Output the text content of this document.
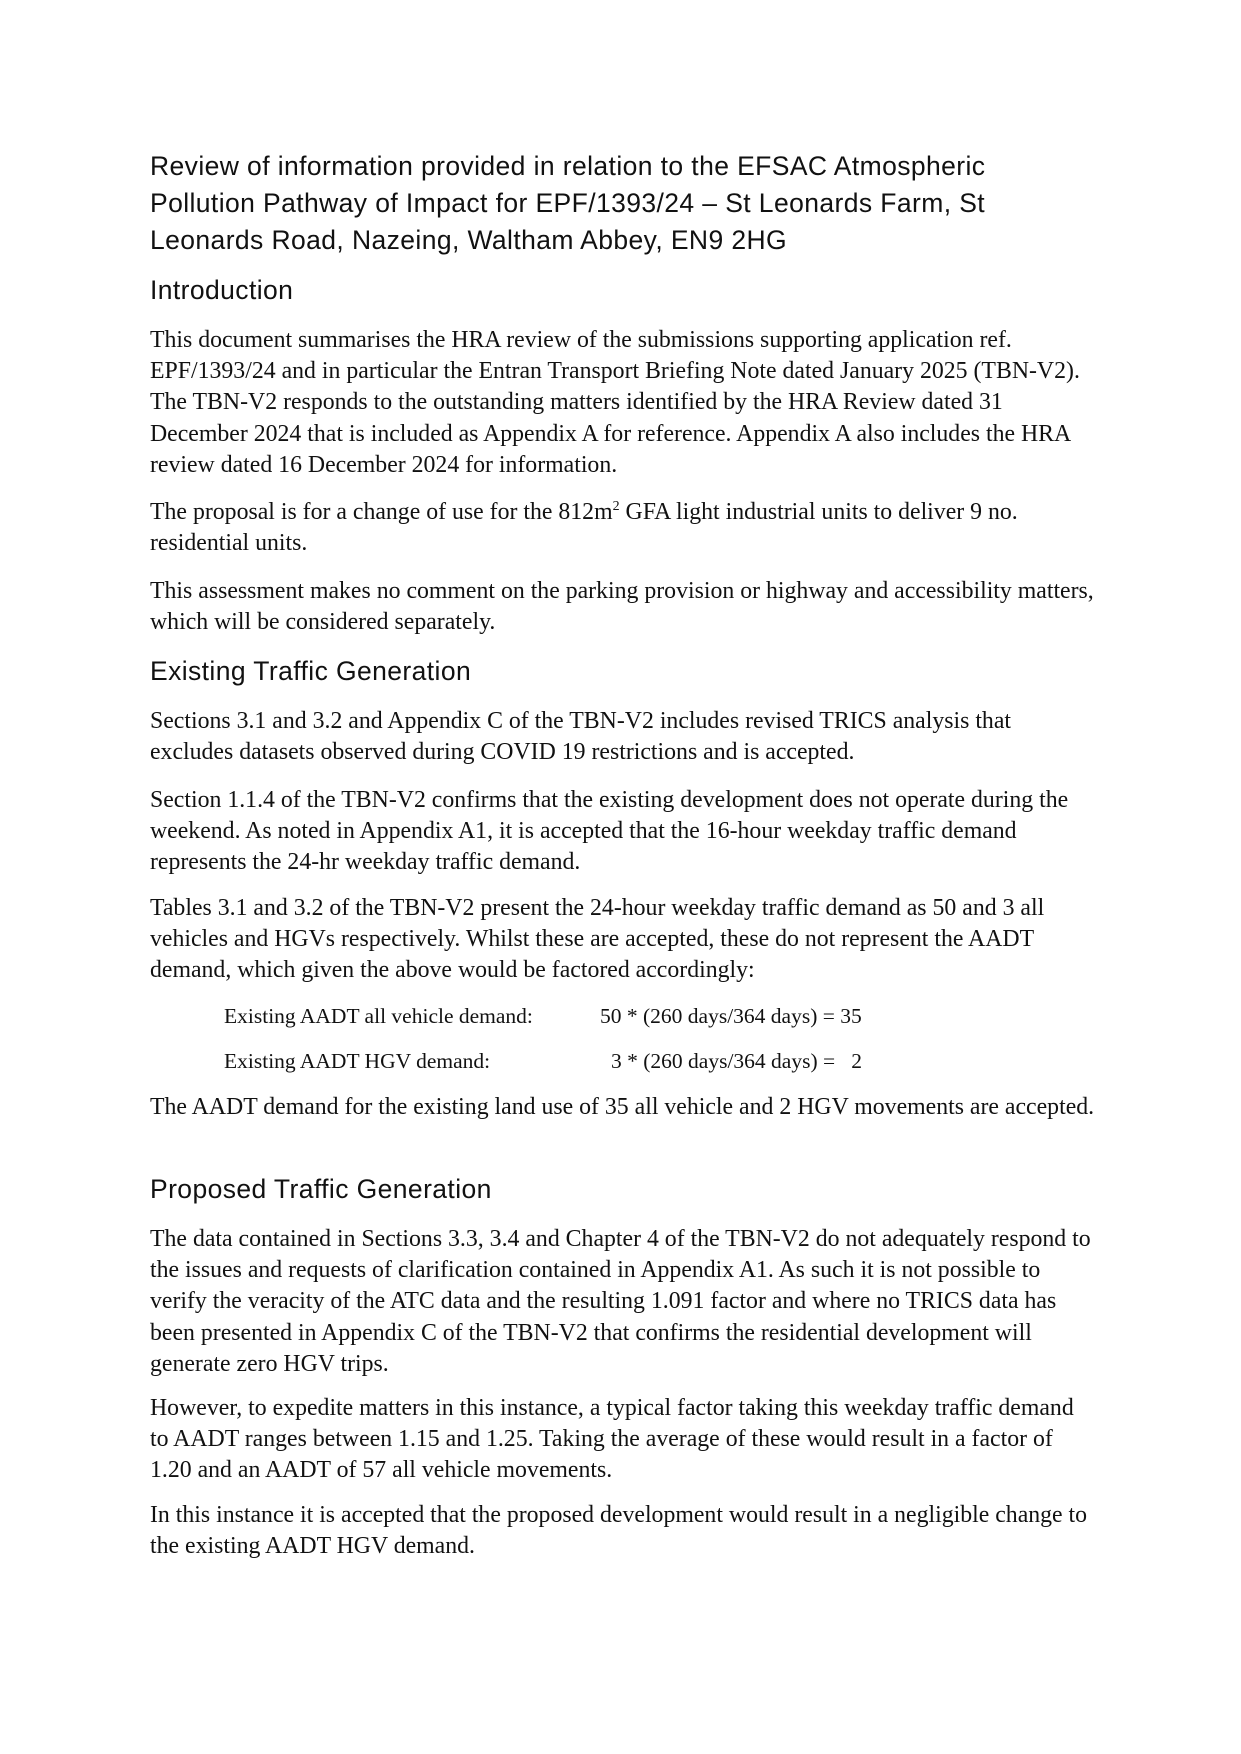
Review of information provided in relation to the EFSAC Atmospheric Pollution Pathway of Impact for EPF/1393/24 – St Leonards Farm, St Leonards Road, Nazeing, Waltham Abbey, EN9 2HG
Introduction

This document summarises the HRA review of the submissions supporting application ref. EPF/1393/24 and in particular the Entran Transport Briefing Note dated January 2025 (TBN-V2). The TBN-V2 responds to the outstanding matters identified by the HRA Review dated 31 December 2024 that is included as Appendix A for reference. Appendix A also includes the HRA review dated 16 December 2024 for information.

The proposal is for a change of use for the $812m^2$ GFA light industrial units to deliver 9 no. residential units.

This assessment makes no comment on the parking provision or highway and accessibility matters, which will be considered separately.

Existing Traffic Generation

Sections 3.1 and 3.2 and Appendix C of the TBN-V2 includes revised TRICS analysis that excludes datasets observed during COVID 19 restrictions and is accepted.

Section 1.1.4 of the TBN-V2 confirms that the existing development does not operate during the weekend. As noted in Appendix A1, it is accepted that the 16-hour weekday traffic demand represents the 24-hr weekday traffic demand.

Tables 3.1 and 3.2 of the TBN-V2 present the 24-hour weekday traffic demand as 50 and 3 all vehicles and HGVs respectively. Whilst these are accepted, these do not represent the AADT demand, which given the above would be factored accordingly:

Existing AADT all vehicle demand:	50 * (260 days/364 days) = 35
Existing AADT HGV demand:	3 * (260 days/364 days) =   2

The AADT demand for the existing land use of 35 all vehicle and 2 HGV movements are accepted.

Proposed Traffic Generation

The data contained in Sections 3.3, 3.4 and Chapter 4 of the TBN-V2 do not adequately respond to the issues and requests of clarification contained in Appendix A1. As such it is not possible to verify the veracity of the ATC data and the resulting 1.091 factor and where no TRICS data has been presented in Appendix C of the TBN-V2 that confirms the residential development will generate zero HGV trips.

However, to expedite matters in this instance, a typical factor taking this weekday traffic demand to AADT ranges between 1.15 and 1.25. Taking the average of these would result in a factor of 1.20 and an AADT of 57 all vehicle movements.

In this instance it is accepted that the proposed development would result in a negligible change to the existing AADT HGV demand.
